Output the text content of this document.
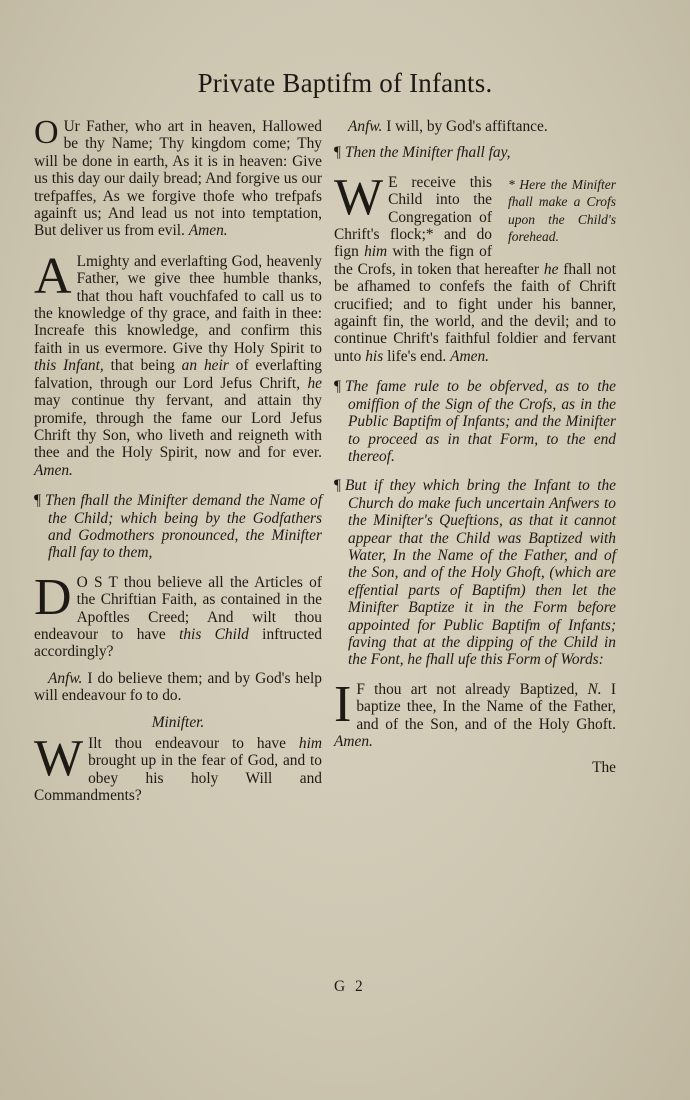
Private Baptifm of Infants.

O Ur Father, who art in heaven, Hallowed be thy Name; Thy kingdom come; Thy will be done in earth, As it is in heaven: Give us this day our daily bread; And forgive us our trefpaffes, As we forgive thofe who trefpafs againft us; And lead us not into temptation, But deliver us from evil. Amen.

A Lmighty and everlafting God, heavenly Father, we give thee humble thanks, that thou haft vouchfafed to call us to the knowledge of thy grace, and faith in thee: Increafe this knowledge, and confirm this faith in us evermore. Give thy Holy Spirit to this Infant, that being an heir of everlafting falvation, through our Lord Jefus Chrift, he may continue thy fervant, and attain thy promife, through the fame our Lord Jefus Chrift thy Son, who liveth and reigneth with thee and the Holy Spirit, now and for ever. Amen.

¶ Then fhall the Minifter demand the Name of the Child; which being by the Godfathers and Godmothers pronounced, the Minifter fhall fay to them,

D O S T thou believe all the Articles of the Chriftian Faith, as contained in the Apoftles Creed; And wilt thou endeavour to have this Child inftructed accordingly?

Anfw. I do believe them; and by God's help will endeavour fo to do.

Minifter.

W Ilt thou endeavour to have him brought up in the fear of God, and to obey his holy Will and Commandments?

Anfw. I will, by God's affiftance.

¶ Then the Minifter fhall fay,

W	* Here the Minifter fhall make a Crofs upon the Child's forehead.
E receive this Child into the Congregation of Chrift's flock;* and do fign him with the fign of the Crofs, in token that hereafter he fhall not be afhamed to confefs the faith of Chrift crucified; and to fight under his banner, againft fin, the world, and the devil; and to continue Chrift's faithful foldier and fervant unto his life's end. Amen.

¶ The fame rule to be obferved, as to the omiffion of the Sign of the Crofs, as in the Public Baptifm of Infants; and the Minifter to proceed as in that Form, to the end thereof.

¶ But if they which bring the Infant to the Church do make fuch uncertain Anfwers to the Minifter's Queftions, as that it cannot appear that the Child was Baptized with Water, In the Name of the Father, and of the Son, and of the Holy Ghoft, (which are effential parts of Baptifm) then let the Minifter Baptize it in the Form before appointed for Public Baptifm of Infants; faving that at the dipping of the Child in the Font, he fhall ufe this Form of Words:

I F thou art not already Baptized, N. I baptize thee, In the Name of the Father, and of the Son, and of the Holy Ghoft. Amen.

The

G 2
